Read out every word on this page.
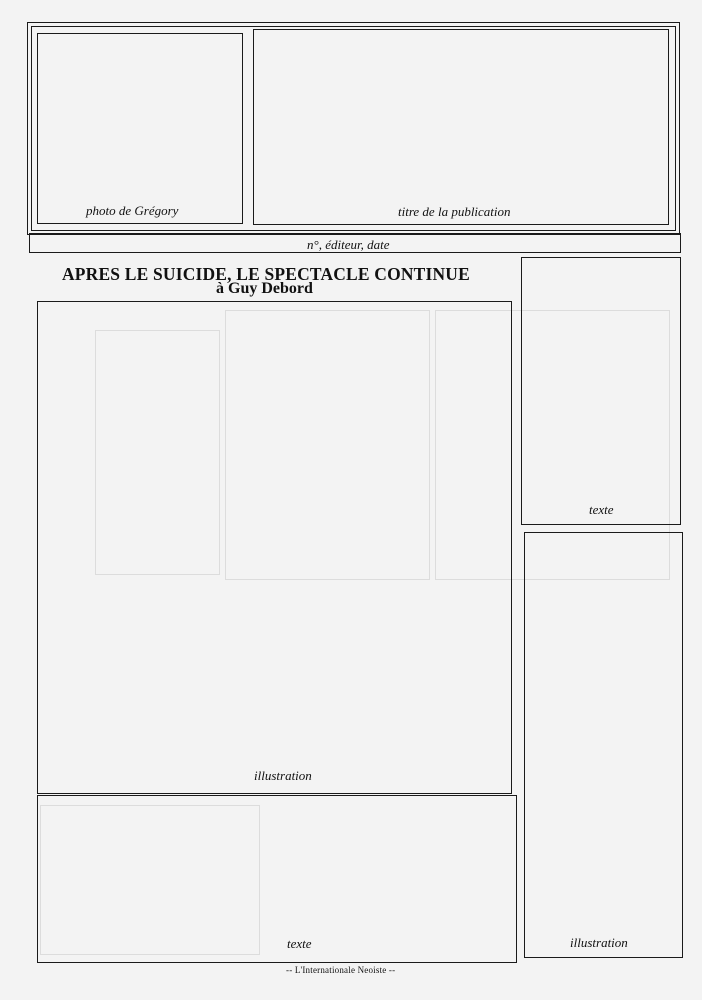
photo de Grégory	titre de la publication
n°, éditeur, date
APRES LE SUICIDE, LE SPECTACLE CONTINUE
à Guy Debord
illustration
texte
illustration
texte
-- L'Internationale Neoiste --
